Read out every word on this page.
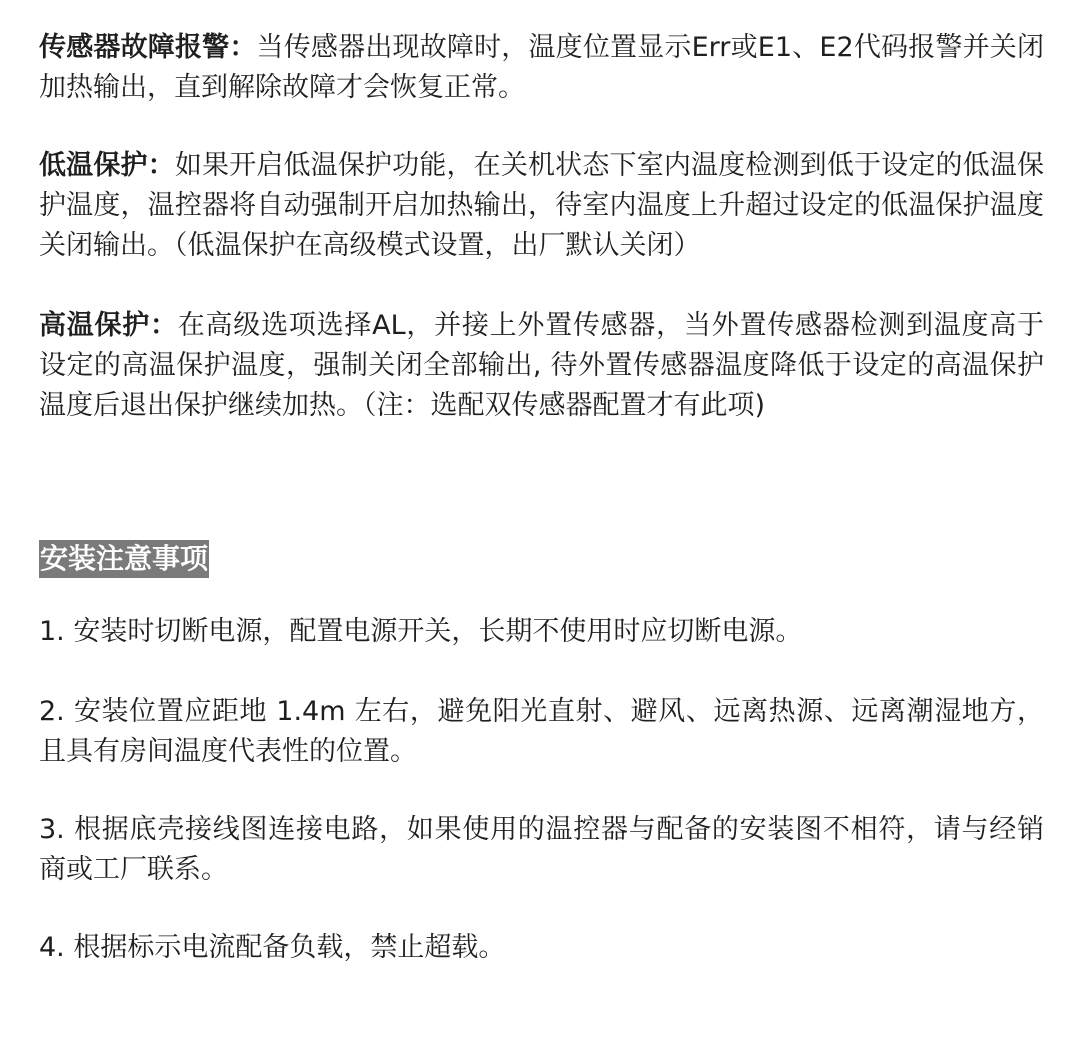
传感器故障报警：当传感器出现故障时，温度位置显示Err或E1、E2代码报警并关闭加热输出，直到解除故障才会恢复正常。

低温保护：如果开启低温保护功能，在关机状态下室内温度检测到低于设定的低温保护温度，温控器将自动强制开启加热输出，待室内温度上升超过设定的低温保护温度关闭输出。（低温保护在高级模式设置，出厂默认关闭）

高温保护：在高级选项选择AL，并接上外置传感器，当外置传感器检测到温度高于设定的高温保护温度，强制关闭全部输出, 待外置传感器温度降低于设定的高温保护温度后退出保护继续加热。（注：选配双传感器配置才有此项)

安装注意事项

1. 安装时切断电源，配置电源开关，长期不使用时应切断电源。

2. 安装位置应距地 1.4m 左右，避免阳光直射、避风、远离热源、远离潮湿地方，且具有房间温度代表性的位置。

3. 根据底壳接线图连接电路，如果使用的温控器与配备的安装图不相符，请与经销商或工厂联系。

4. 根据标示电流配备负载，禁止超载。
